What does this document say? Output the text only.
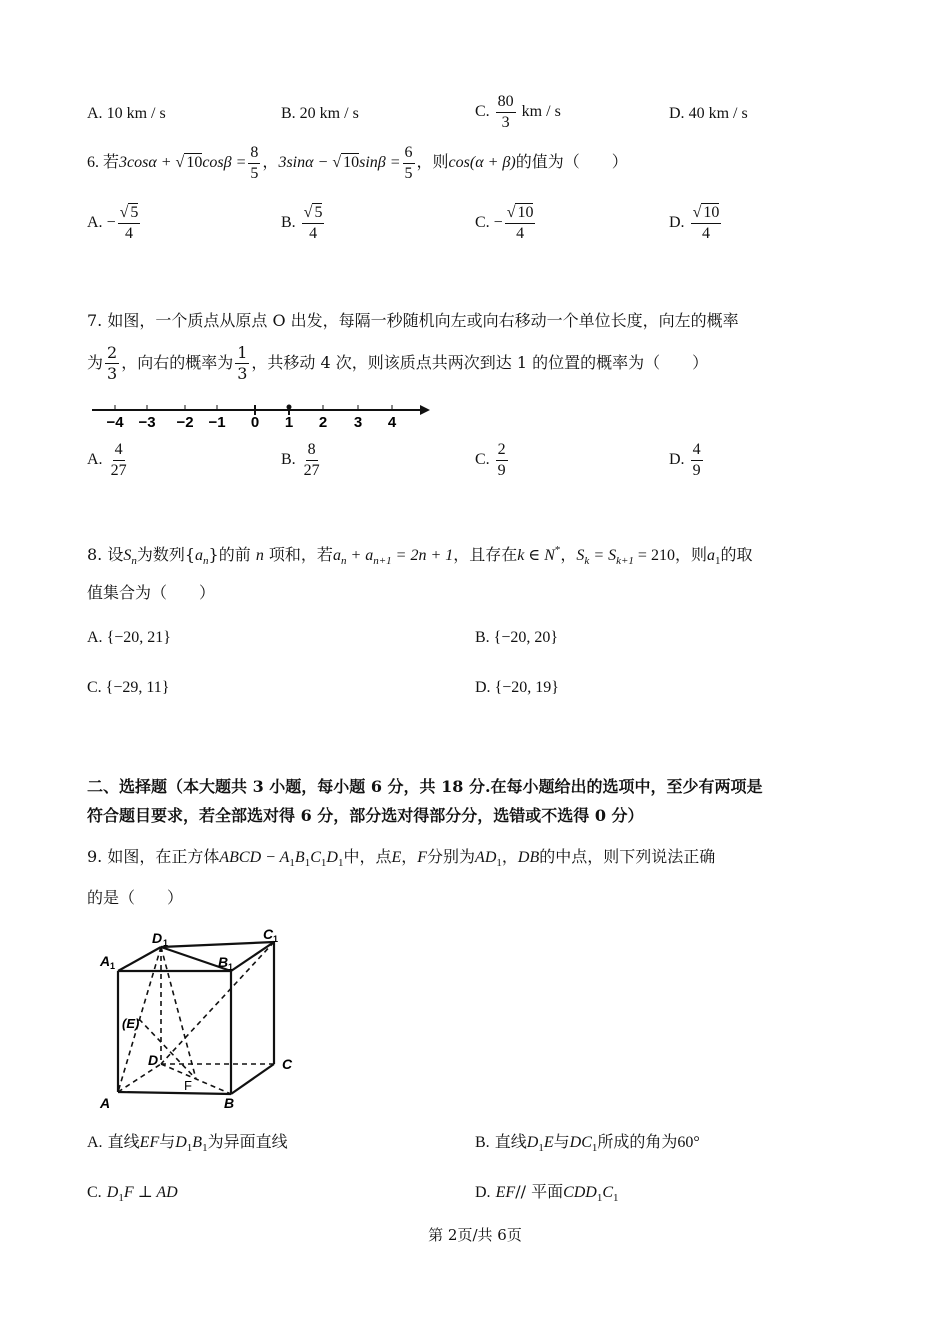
A. 10 km / s	B. 20 km / s	C. $\frac{80}{3}$ km / s	D. 40 km / s
6. 若3cosα + √ $10\cos\beta = \frac{8}{5}$ ，3sinα − √ $10\sin\beta = \frac{6}{5}$ ，则cos(α + β)的值为（　　）
A. − $\frac{√ 5}{4}$	B. $\frac{√ 5}{4}$	C. − $\frac{√ 10}{4}$	D. $\frac{√ 10}{4}$
7. 如图，一个质点从原点 O 出发，每隔一秒随机向左或向右移动一个单位长度，向左的概率
为 $\frac{2}{3}$ ，向右的概率为 $\frac{1}{3}$ ，共移动 4 次，则该质点共两次到达 1 的位置的概率为（　　）
−4 −3 −2 −1 0 1 2 3 4
A. $\frac{4}{27}$	B. $\frac{8}{27}$	C. $\frac{2}{9}$	D. $\frac{4}{9}$
8. 设$S_n$为数列$\{a_n\}$的前 n 项和，若$a_n + a_{n+1} = 2n + 1$，且存在k ∈ N*，$S_k = S_{k+1} = 210$，则$a_1$的取
值集合为（　　）
A. {−20, 21}	B. {−20, 20}
C. {−29, 11}	D. {−20, 19}
二、选择题（本大题共 3 小题，每小题 6 分，共 18 分.在每小题给出的选项中，至少有两项是
符合题目要求，若全部选对得 6 分，部分选对得部分分，选错或不选得 0 分）
9. 如图，在正方体ABCD − $A_1B_1C_1D_1$中，点E，F分别为$AD_1$，DB的中点，则下列说法正确
的是（　　）
D 1
C 1
A 1	B 1
(E)
D	C
F
A	B
A. 直线EF与$D_1B_1$为异面直线	B. 直线$D_1E$与$DC_1$所成的角为60°
C. $D_1F$ ⊥ AD	D. EF// 平面$CDD_1C_1$
第 2页/共 6页
